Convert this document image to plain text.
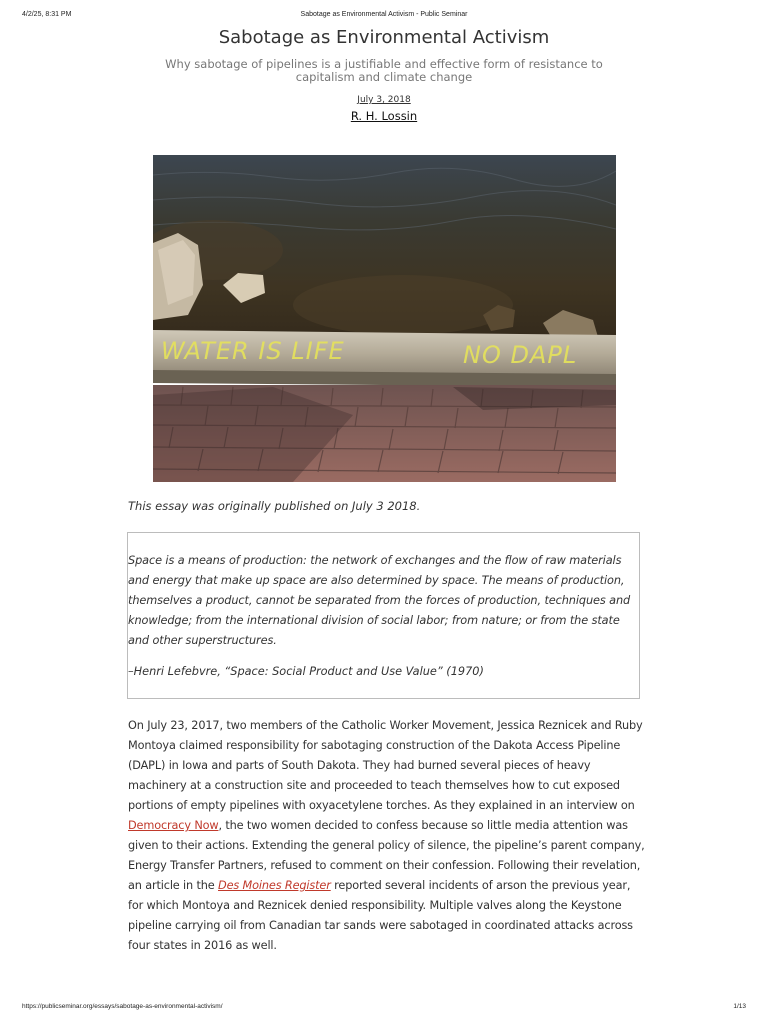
4/2/25, 8:31 PM	Sabotage as Environmental Activism - Public Seminar
Sabotage as Environmental Activism
Why sabotage of pipelines is a justifiable and effective form of resistance to capitalism and climate change
July 3, 2018
R. H. Lossin
WATER IS LIFE	NO DAPL
This essay was originally published on July 3 2018.
Space is a means of production: the network of exchanges and the flow of raw materials and energy that make up space are also determined by space. The means of production, themselves a product, cannot be separated from the forces of production, techniques and knowledge; from the international division of social labor; from nature; or from the state and other superstructures.
–Henri Lefebvre, “Space: Social Product and Use Value” (1970)
On July 23, 2017, two members of the Catholic Worker Movement, Jessica Reznicek and Ruby Montoya claimed responsibility for sabotaging construction of the Dakota Access Pipeline (DAPL) in Iowa and parts of South Dakota. They had burned several pieces of heavy machinery at a construction site and proceeded to teach themselves how to cut exposed portions of empty pipelines with oxyacetylene torches. As they explained in an interview on Democracy Now, the two women decided to confess because so little media attention was given to their actions. Extending the general policy of silence, the pipeline’s parent company, Energy Transfer Partners, refused to comment on their confession. Following their revelation, an article in the Des Moines Register reported several incidents of arson the previous year, for which Montoya and Reznicek denied responsibility. Multiple valves along the Keystone pipeline carrying oil from Canadian tar sands were sabotaged in coordinated attacks across four states in 2016 as well.
https://publicseminar.org/essays/sabotage-as-environmental-activism/	1/13
